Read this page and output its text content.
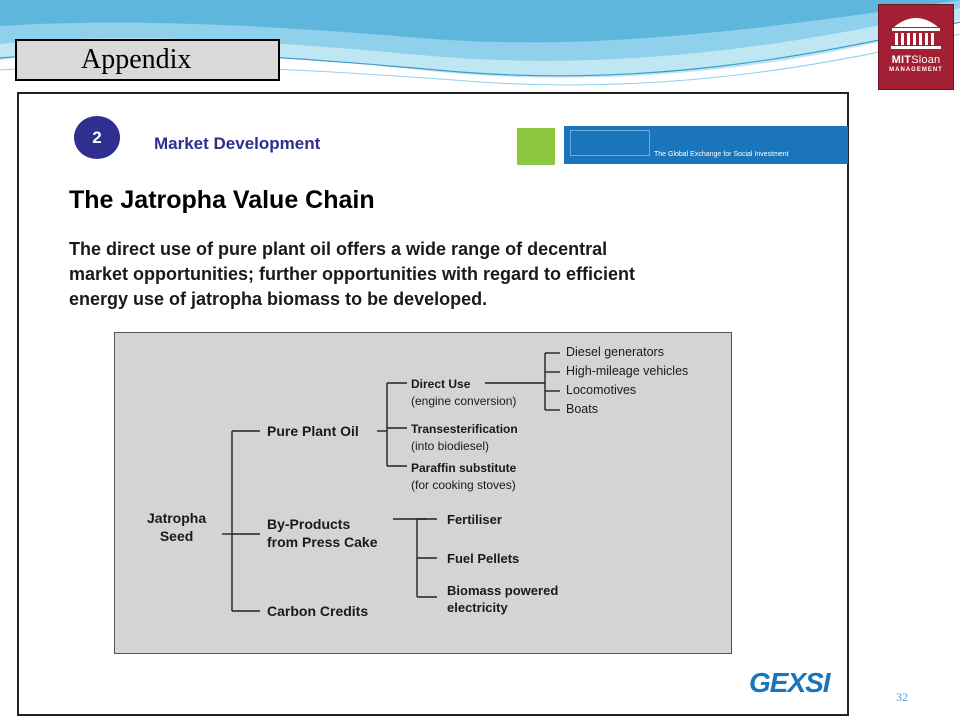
Appendix	MITSloan
MANAGEMENT
2	Market Development
The Global Exchange for Social Investment
The Jatropha Value Chain
The direct use of pure plant oil offers a wide range of decentral
market opportunities; further opportunities with regard to efficient
energy use of jatropha biomass to be developed.
Jatropha
Seed
Pure Plant Oil
By-Products
from Press Cake
Carbon Credits
Direct Use
(engine conversion)
Transesterification
(into biodiesel)
Paraffin substitute
(for cooking stoves)
Diesel generators
High-mileage vehicles
Locomotives
Boats
Fertiliser
Fuel Pellets
Biomass powered
electricity
GEXSI	32
